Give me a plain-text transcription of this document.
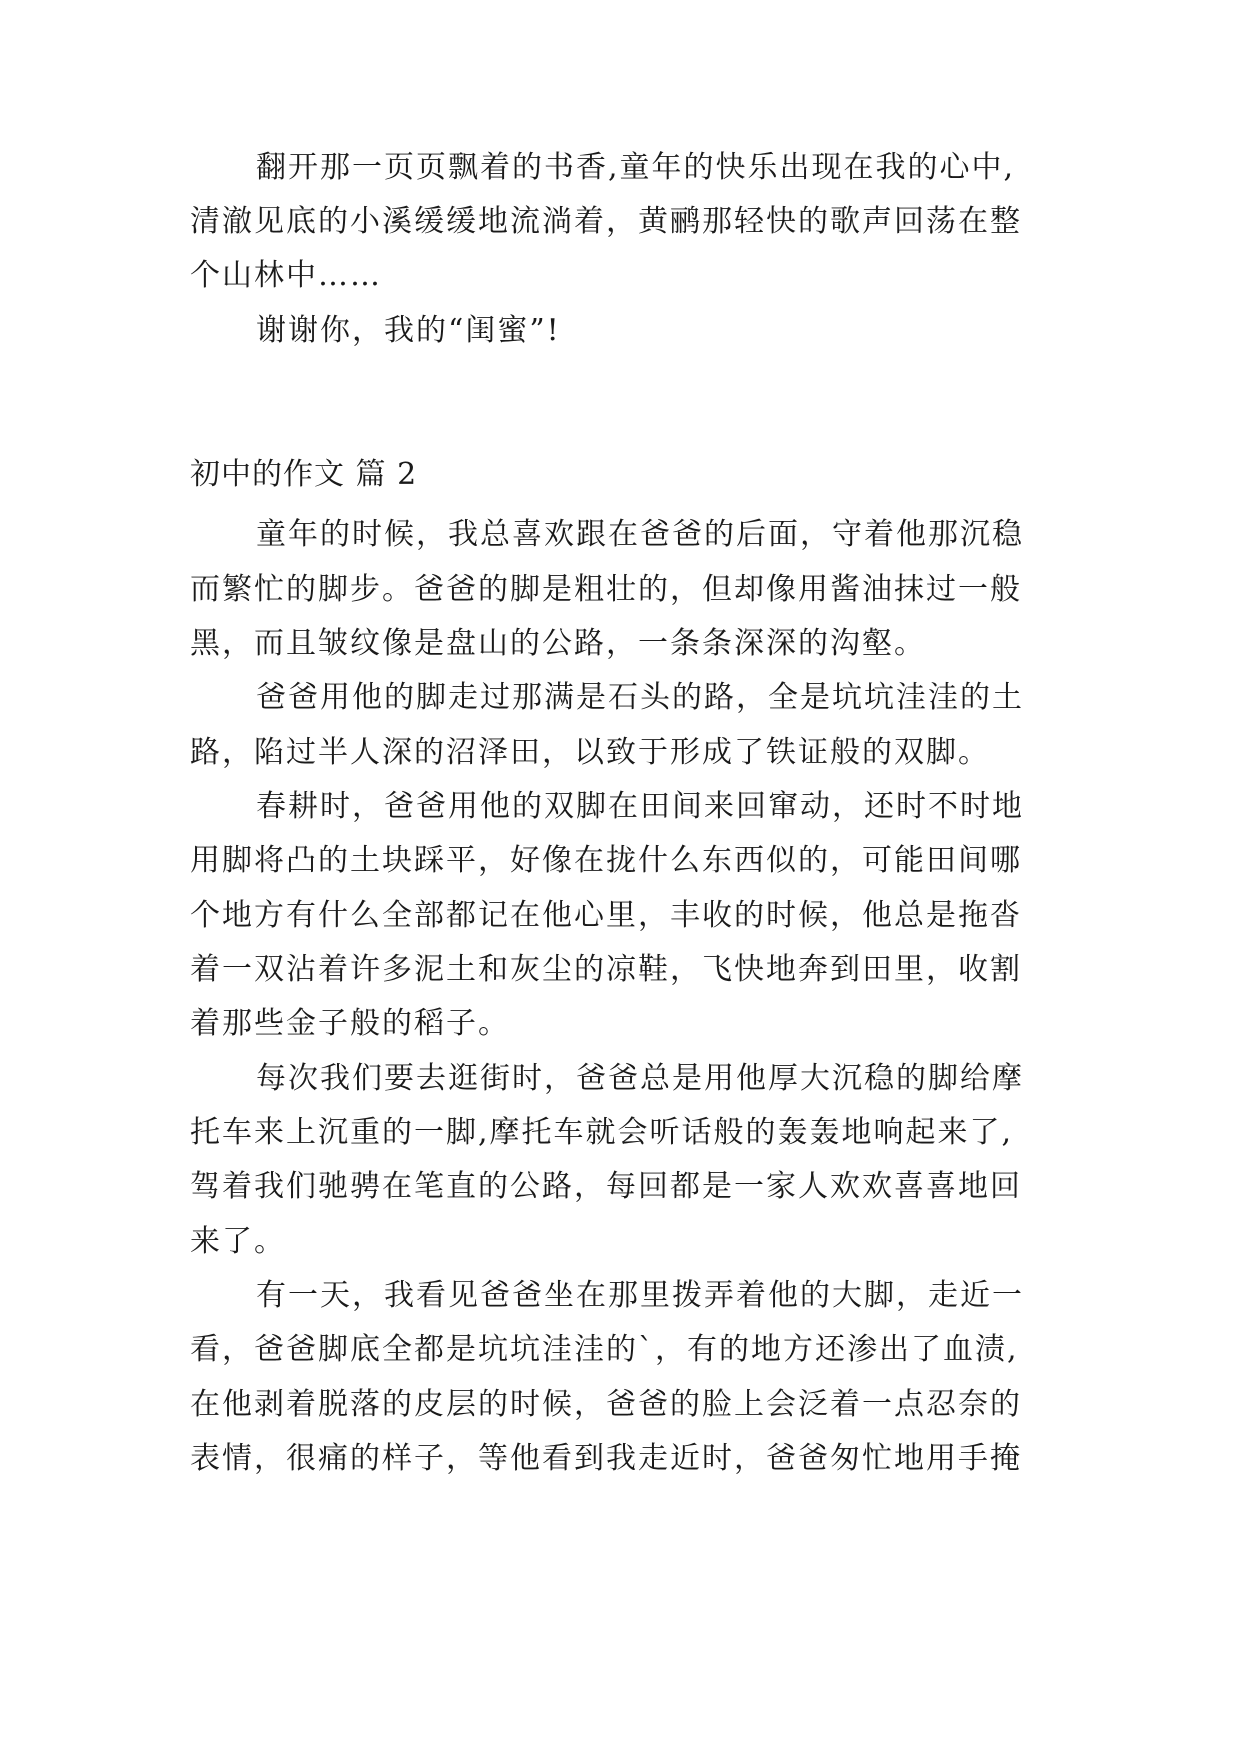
翻开那一页页飘着的书香,童年的快乐出现在我的心中,
清澈见底的小溪缓缓地流淌着，黄鹂那轻快的歌声回荡在整
个山林中……
谢谢你，我的“闺蜜”!
初中的作文 篇 2
童年的时候，我总喜欢跟在爸爸的后面，守着他那沉稳
而繁忙的脚步。爸爸的脚是粗壮的，但却像用酱油抹过一般
黑，而且皱纹像是盘山的公路，一条条深深的沟壑。
爸爸用他的脚走过那满是石头的路，全是坑坑洼洼的土
路，陷过半人深的沼泽田，以致于形成了铁证般的双脚。
春耕时，爸爸用他的双脚在田间来回窜动，还时不时地
用脚将凸的土块踩平，好像在拢什么东西似的，可能田间哪
个地方有什么全部都记在他心里，丰收的时候，他总是拖沓
着一双沾着许多泥土和灰尘的凉鞋，飞快地奔到田里，收割
着那些金子般的稻子。
每次我们要去逛街时，爸爸总是用他厚大沉稳的脚给摩
托车来上沉重的一脚,摩托车就会听话般的轰轰地响起来了,
驾着我们驰骋在笔直的公路，每回都是一家人欢欢喜喜地回
来了。
有一天，我看见爸爸坐在那里拨弄着他的大脚，走近一
看，爸爸脚底全都是坑坑洼洼的`，有的地方还渗出了血渍,
在他剥着脱落的皮层的时候，爸爸的脸上会泛着一点忍奈的
表情，很痛的样子，等他看到我走近时，爸爸匆忙地用手掩
